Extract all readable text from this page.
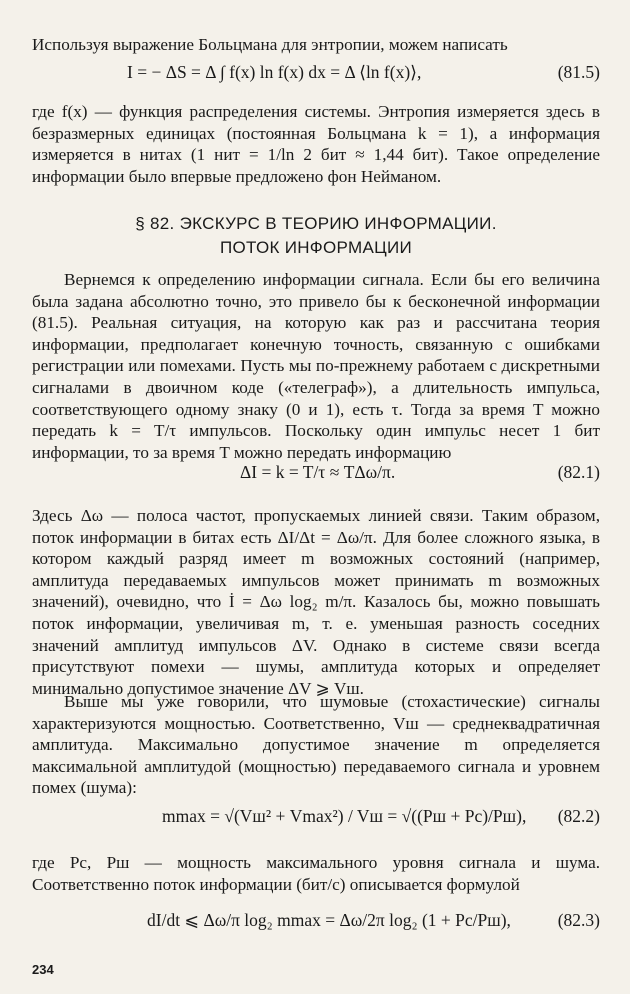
Используя выражение Больцмана для энтропии, можем написать

I = − ΔS = Δ ∫ f(x) ln f(x) dx = Δ ⟨ln f(x)⟩,	(81.5)

где f(x) — функция распределения системы. Энтропия измеряется здесь в безразмерных единицах (постоянная Больцмана k = 1), а информация измеряется в нитах (1 нит = 1/ln 2 бит ≈ 1,44 бит). Такое определение информации было впервые предложено фон Нейманом.

§ 82. ЭКСКУРС В ТЕОРИЮ ИНФОРМАЦИИ.
ПОТОК ИНФОРМАЦИИ

Вернемся к определению информации сигнала. Если бы его величина была задана абсолютно точно, это привело бы к бесконечной информации (81.5). Реальная ситуация, на которую как раз и рассчитана теория информации, предполагает конечную точность, связанную с ошибками регистрации или помехами. Пусть мы по-прежнему работаем с дискретными сигналами в двоичном коде («телеграф»), а длительность импульса, соответствующего одному знаку (0 и 1), есть τ. Тогда за время T можно передать k = T/τ импульсов. Поскольку один импульс несет 1 бит информации, то за время T можно передать информацию

ΔI = k = T/τ ≈ TΔω/π.	(82.1)

Здесь Δω — полоса частот, пропускаемых линией связи. Таким образом, поток информации в битах есть ΔI/Δt = Δω/π. Для более сложного языка, в котором каждый разряд имеет m возможных состояний (например, амплитуда передаваемых импульсов может принимать m возможных значений), очевидно, что İ = Δω log₂ m/π. Казалось бы, можно повышать поток информации, увеличивая m, т. е. уменьшая разность соседних значений амплитуд импульсов ΔV. Однако в системе связи всегда присутствуют помехи — шумы, амплитуда которых и определяет минимально допустимое значение ΔV ⩾ Vш.

Выше мы уже говорили, что шумовые (стохастические) сигналы характеризуются мощностью. Соответственно, Vш — среднеквадратичная амплитуда. Максимально допустимое значение m определяется максимальной амплитудой (мощностью) передаваемого сигнала и уровнем помех (шума):

mmax = √(Vш² + Vmax²) / Vш = √((Pш + Pc)/Pш), (82.2)

где Pc, Pш — мощность максимального уровня сигнала и шума. Соответственно поток информации (бит/с) описывается формулой

dI/dt ⩽ Δω/π log₂ mmax = Δω/2π log₂ (1 + Pc/Pш),	(82.3)
234
